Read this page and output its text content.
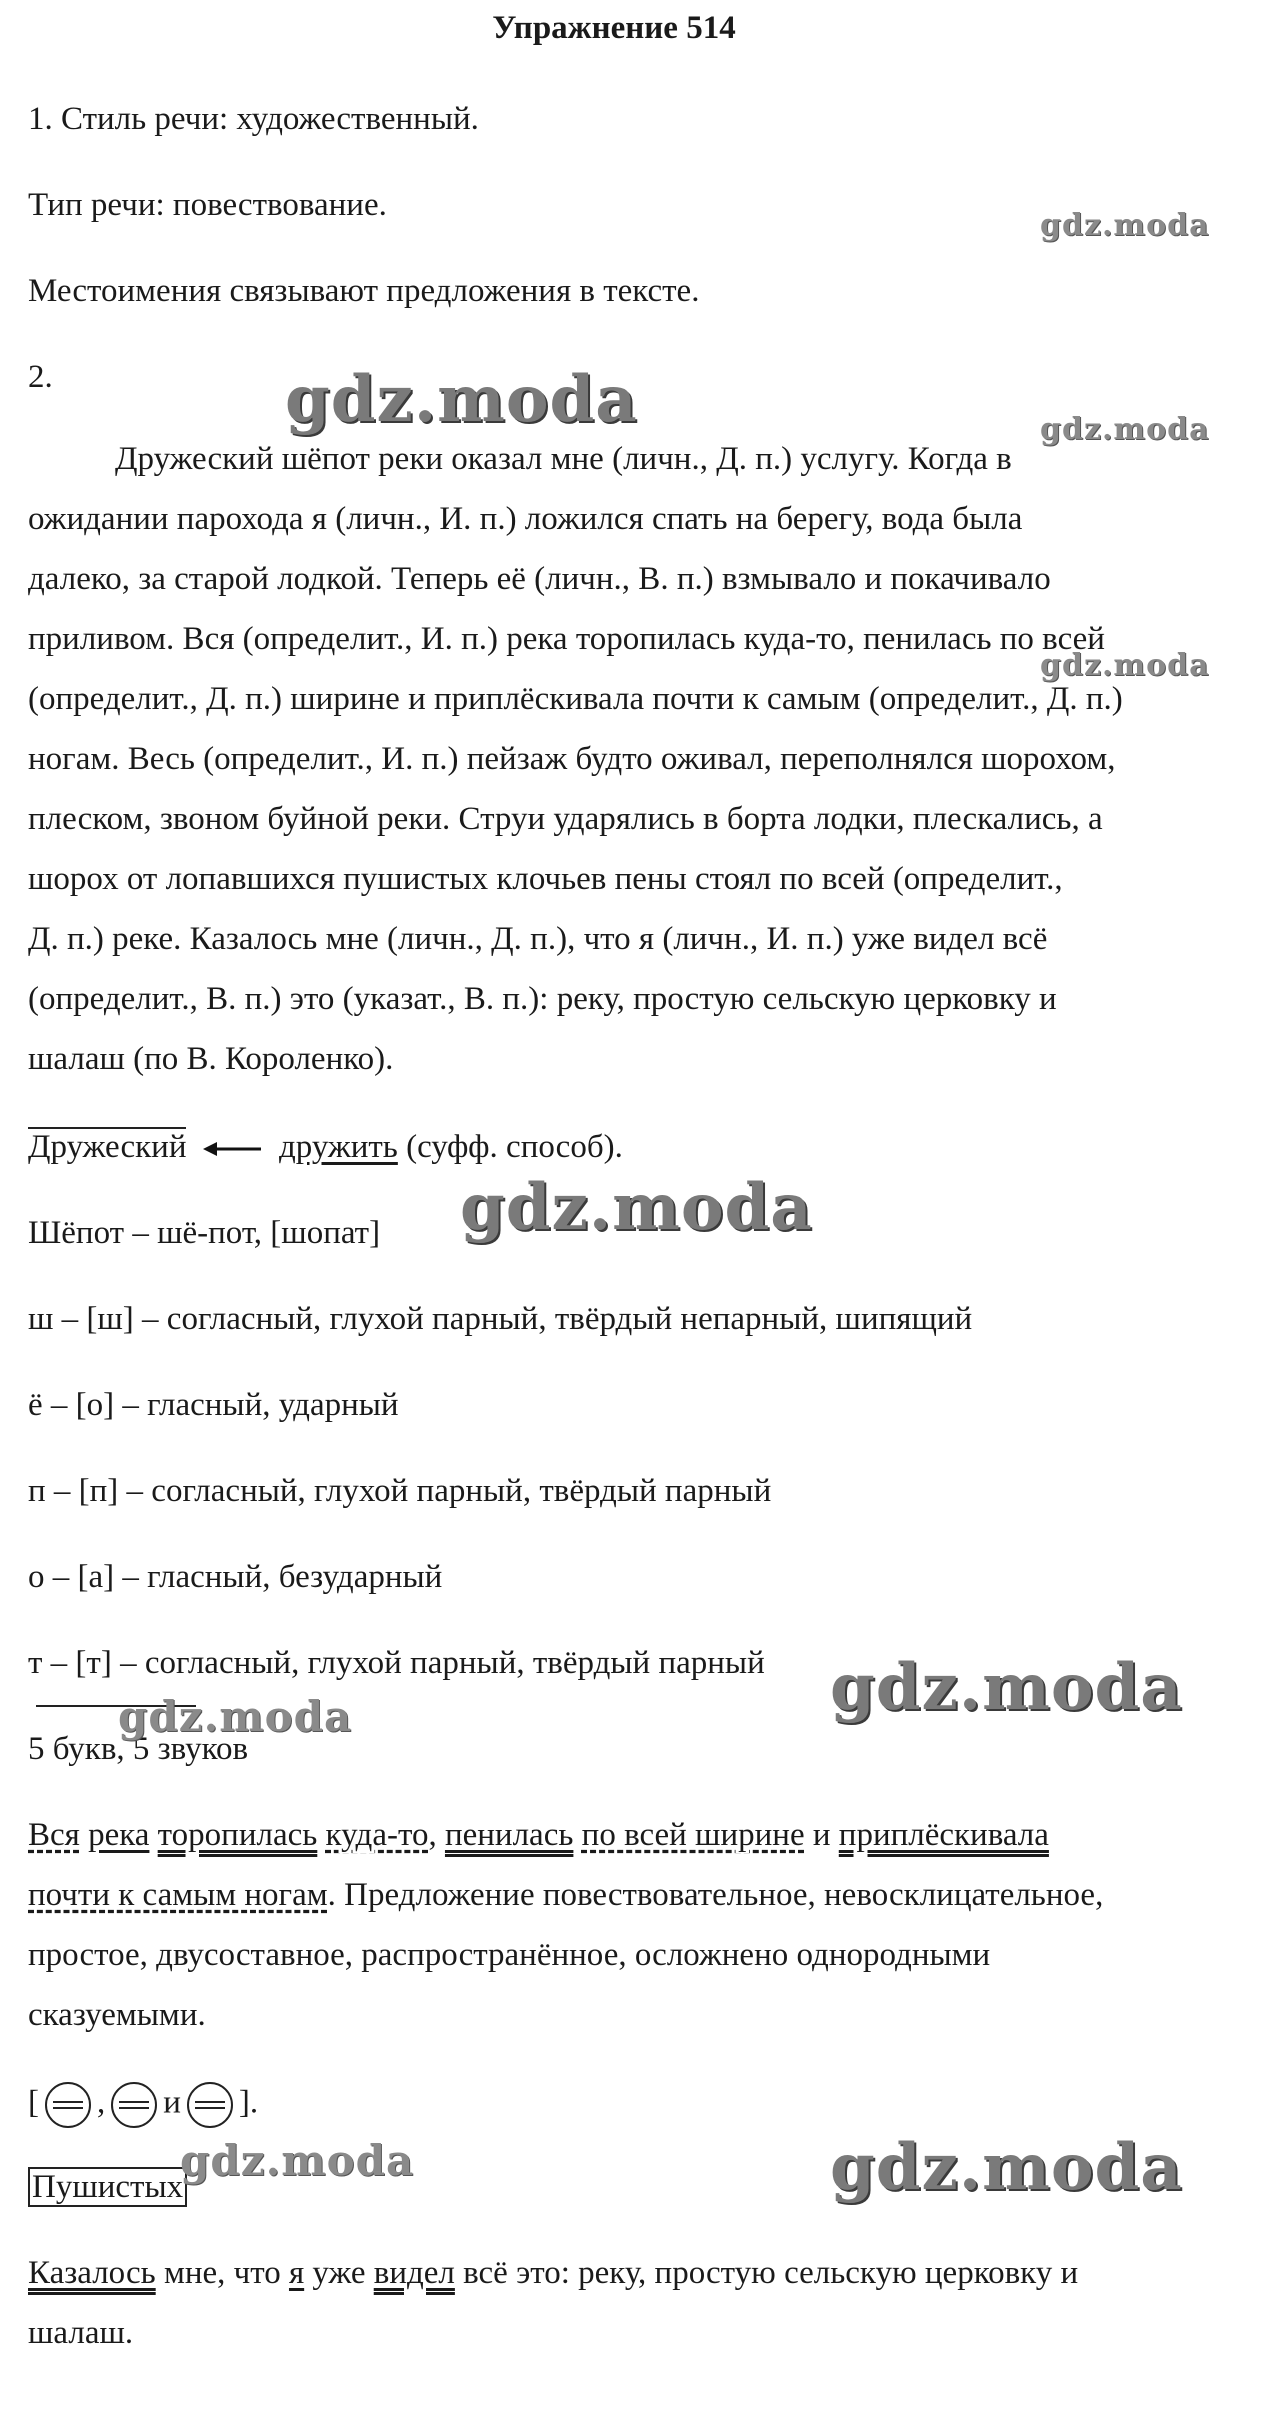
Упражнение 514
1. Стиль речи: художественный.
Тип речи: повествование.
Местоимения связывают предложения в тексте.
2.
Дружеский шёпот реки оказал мне (личн., Д. п.) услугу. Когда в
ожидании парохода я (личн., И. п.) ложился спать на берегу, вода была
далеко, за старой лодкой. Теперь её (личн., В. п.) взмывало и покачивало
приливом. Вся (определит., И. п.) река торопилась куда-то, пенилась по всей
(определит., Д. п.) ширине и приплёскивала почти к самым (определит., Д. п.)
ногам. Весь (определит., И. п.) пейзаж будто оживал, переполнялся шорохом,
плеском, звоном буйной реки. Струи ударялись в борта лодки, плескались, а
шорох от лопавшихся пушистых клочьев пены стоял по всей (определит.,
Д. п.) реке. Казалось мне (личн., Д. п.), что я (личн., И. п.) уже видел всё
(определит., В. п.) это (указат., В. п.): реку, простую сельскую церковку и
шалаш (по В. Короленко).
Дружеский	дружить (суфф. способ).
Шёпот – шё-пот, [шопат]
ш – [ш] – согласный, глухой парный, твёрдый непарный, шипящий
ё – [о] – гласный, ударный
п – [п] – согласный, глухой парный, твёрдый парный
о – [а] – гласный, безударный
т – [т] – согласный, глухой парный, твёрдый парный
5 букв, 5 звуков
Вся река торопилась куда-то, пенилась по всей ширине и приплёскивала
почти к самым ногам. Предложение повествовательное, невосклицательное,
простое, двусоставное, распространённое, осложнено однородными
сказуемыми.
[ , и ].
Пушистых
Казалось мне, что я уже видел всё это: реку, простую сельскую церковку и
шалаш.
gdz.moda
gdz.moda	gdz.moda
gdz.moda
gdz.moda
gdz.moda
gdz.moda
gdz.moda	gdz.moda
